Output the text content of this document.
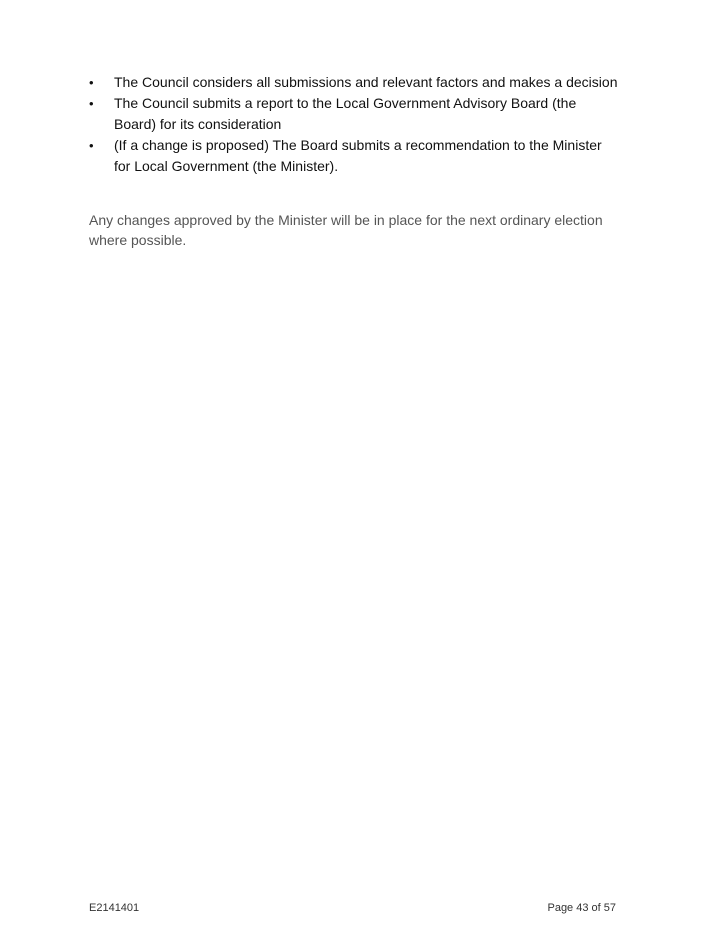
•	The Council considers all submissions and relevant factors and makes a decision
•	The Council submits a report to the Local Government Advisory Board (the Board) for its consideration
•	(If a change is proposed) The Board submits a recommendation to the Minister for Local Government (the Minister).

Any changes approved by the Minister will be in place for the next ordinary election where possible.

E2141401	Page 43 of 57
